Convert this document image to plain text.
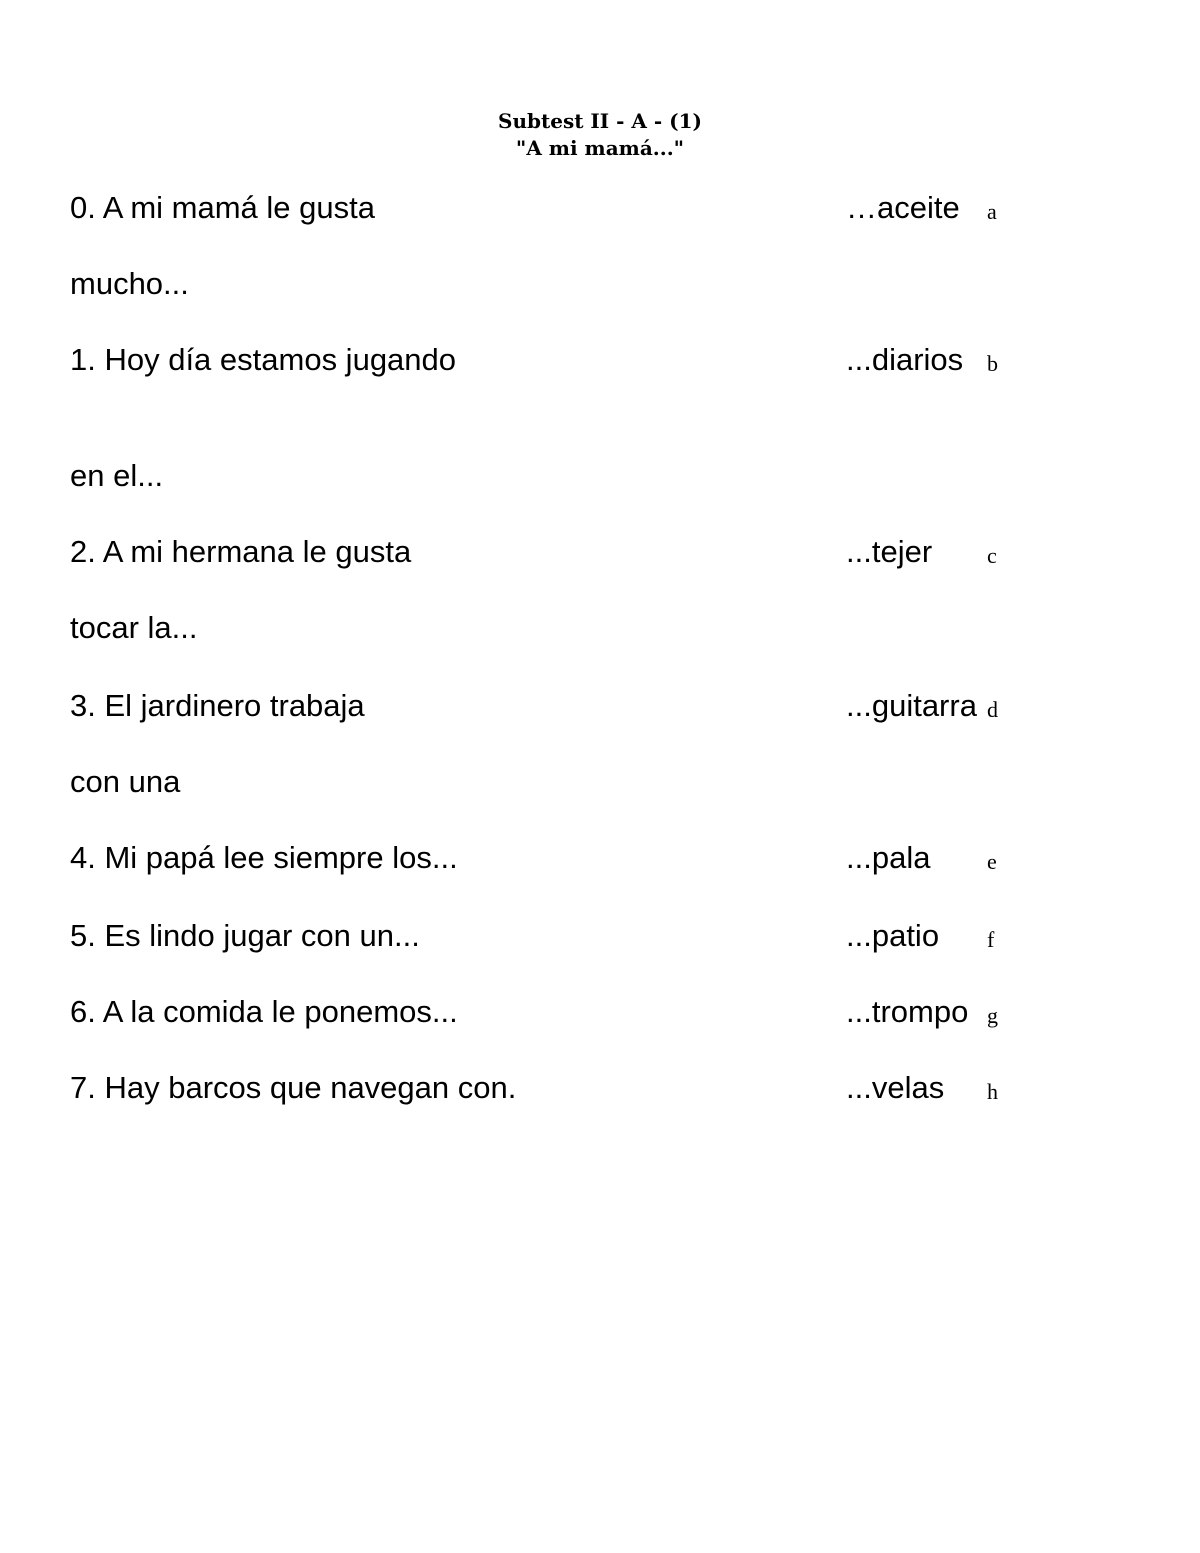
Subtest II - A - (1)
"A mi mamá..."
0. A mi mamá le gusta
mucho...
1. Hoy día estamos jugando
en el...
2. A mi hermana le gusta
tocar la...
3. El jardinero trabaja
con una
4. Mi papá lee siempre los...
5. Es lindo jugar con un...
6. A la comida le ponemos...
7. Hay barcos que navegan con.
…aceite a
...diarios b
...tejer c
...guitarra d
...pala	e
...patio f
...trompo g
...velas h
